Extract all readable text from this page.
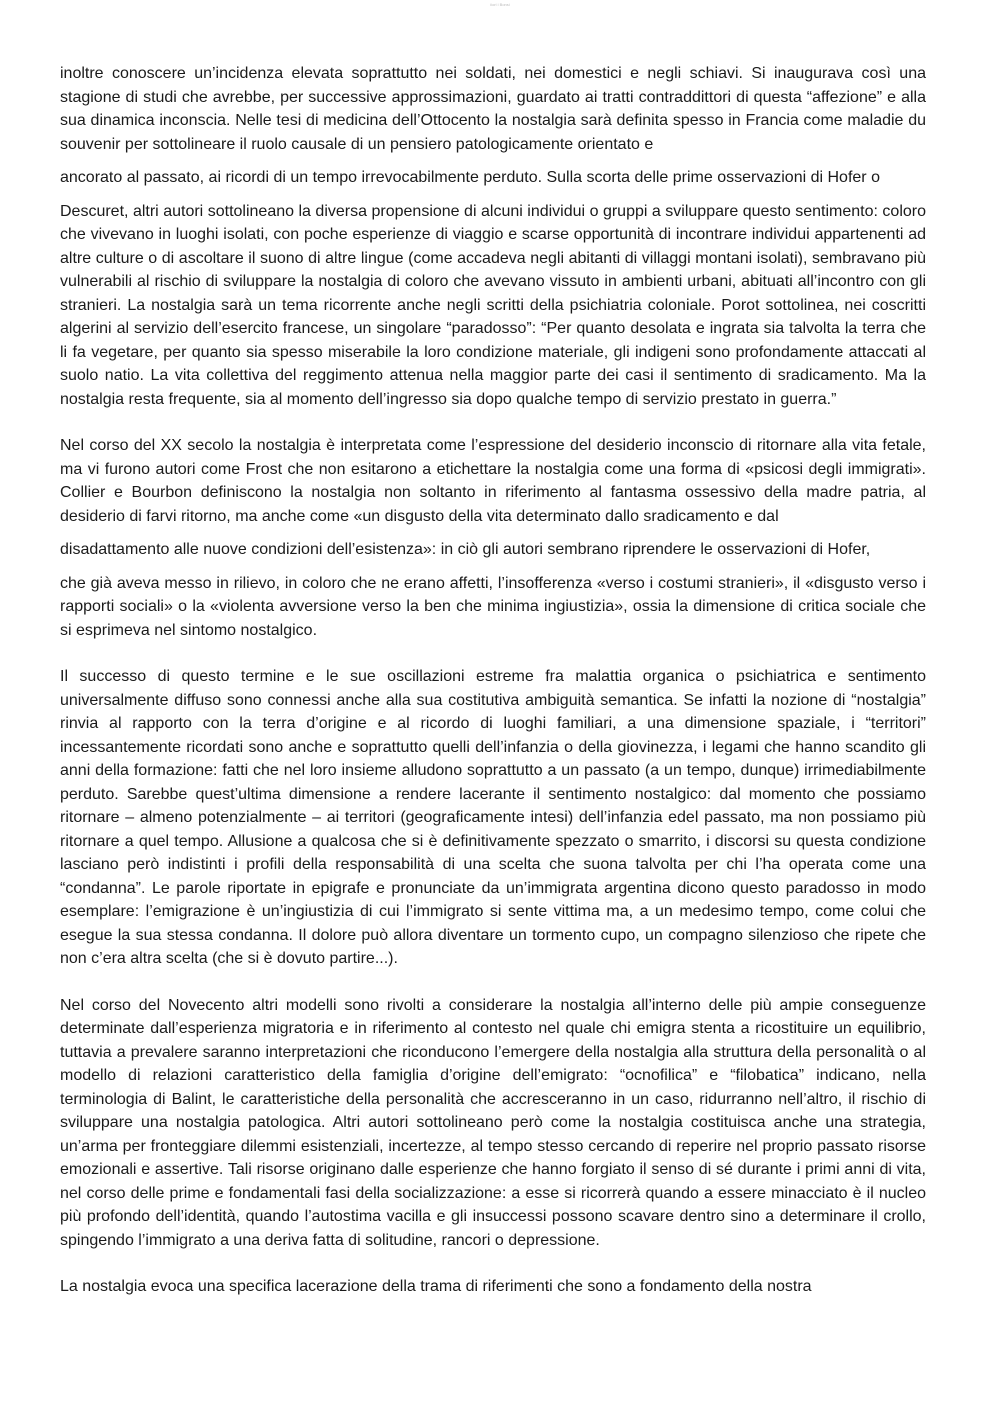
iiori i Bonsi

inoltre conoscere un’incidenza elevata soprattutto nei soldati, nei domestici e negli schiavi. Si inaugurava così una stagione di studi che avrebbe, per successive approssimazioni, guardato ai tratti contraddittori di questa “affezione” e alla sua dinamica inconscia. Nelle tesi di medicina dell’Ottocento la nostalgia sarà definita spesso in Francia come maladie du souvenir per sottolineare il ruolo causale di un pensiero patologicamente orientato e

ancorato al passato, ai ricordi di un tempo irrevocabilmente perduto. Sulla scorta delle prime osservazioni di Hofer o

Descuret, altri autori sottolineano la diversa propensione di alcuni individui o gruppi a sviluppare questo sentimento: coloro che vivevano in luoghi isolati, con poche esperienze di viaggio e scarse opportunità di incontrare individui appartenenti ad altre culture o di ascoltare il suono di altre lingue (come accadeva negli abitanti di villaggi montani isolati), sembravano più vulnerabili al rischio di sviluppare la nostalgia di coloro che avevano vissuto in ambienti urbani, abituati all’incontro con gli stranieri. La nostalgia sarà un tema ricorrente anche negli scritti della psichiatria coloniale. Porot sottolinea, nei coscritti algerini al servizio dell’esercito francese, un singolare “paradosso”: “Per quanto desolata e ingrata sia talvolta la terra che li fa vegetare, per quanto sia spesso miserabile la loro condizione materiale, gli indigeni sono profondamente attaccati al suolo natio. La vita collettiva del reggimento attenua nella maggior parte dei casi il sentimento di sradicamento. Ma la nostalgia resta frequente, sia al momento dell’ingresso sia dopo qualche tempo di servizio prestato in guerra.”

Nel corso del XX secolo la nostalgia è interpretata come l’espressione del desiderio inconscio di ritornare alla vita fetale, ma vi furono autori come Frost che non esitarono a etichettare la nostalgia come una forma di «psicosi degli immigrati». Collier e Bourbon definiscono la nostalgia non soltanto in riferimento al fantasma ossessivo della madre patria, al desiderio di farvi ritorno, ma anche come «un disgusto della vita determinato dallo sradicamento e dal

disadattamento alle nuove condizioni dell’esistenza»: in ciò gli autori sembrano riprendere le osservazioni di Hofer,

che già aveva messo in rilievo, in coloro che ne erano affetti, l’insofferenza «verso i costumi stranieri», il «disgusto verso i rapporti sociali» o la «violenta avversione verso la ben che minima ingiustizia», ossia la dimensione di critica sociale che si esprimeva nel sintomo nostalgico.

Il successo di questo termine e le sue oscillazioni estreme fra malattia organica o psichiatrica e sentimento universalmente diffuso sono connessi anche alla sua costitutiva ambiguità semantica. Se infatti la nozione di “nostalgia” rinvia al rapporto con la terra d’origine e al ricordo di luoghi familiari, a una dimensione spaziale, i “territori” incessantemente ricordati sono anche e soprattutto quelli dell’infanzia o della giovinezza, i legami che hanno scandito gli anni della formazione: fatti che nel loro insieme alludono soprattutto a un passato (a un tempo, dunque) irrimediabilmente perduto. Sarebbe quest’ultima dimensione a rendere lacerante il sentimento nostalgico: dal momento che possiamo ritornare – almeno potenzialmente – ai territori (geograficamente intesi) dell’infanzia edel passato, ma non possiamo più ritornare a quel tempo. Allusione a qualcosa che si è definitivamente spezzato o smarrito, i discorsi su questa condizione lasciano però indistinti i profili della responsabilità di una scelta che suona talvolta per chi l’ha operata come una “condanna”. Le parole riportate in epigrafe e pronunciate da un’immigrata argentina dicono questo paradosso in modo esemplare: l’emigrazione è un’ingiustizia di cui l’immigrato si sente vittima ma, a un medesimo tempo, come colui che esegue la sua stessa condanna. Il dolore può allora diventare un tormento cupo, un compagno silenzioso che ripete che non c’era altra scelta (che si è dovuto partire...).

Nel corso del Novecento altri modelli sono rivolti a considerare la nostalgia all’interno delle più ampie conseguenze determinate dall’esperienza migratoria e in riferimento al contesto nel quale chi emigra stenta a ricostituire un equilibrio, tuttavia a prevalere saranno interpretazioni che riconducono l’emergere della nostalgia alla struttura della personalità o al modello di relazioni caratteristico della famiglia d’origine dell’emigrato: “ocnofilica” e “filobatica” indicano, nella terminologia di Balint, le caratteristiche della personalità che accresceranno in un caso, ridurranno nell’altro, il rischio di sviluppare una nostalgia patologica. Altri autori sottolineano però come la nostalgia costituisca anche una strategia, un’arma per fronteggiare dilemmi esistenziali, incertezze, al tempo stesso cercando di reperire nel proprio passato risorse emozionali e assertive. Tali risorse originano dalle esperienze che hanno forgiato il senso di sé durante i primi anni di vita, nel corso delle prime e fondamentali fasi della socializzazione: a esse si ricorrerà quando a essere minacciato è il nucleo più profondo dell’identità, quando l’autostima vacilla e gli insuccessi possono scavare dentro sino a determinare il crollo, spingendo l’immigrato a una deriva fatta di solitudine, rancori o depressione.

La nostalgia evoca una specifica lacerazione della trama di riferimenti che sono a fondamento della nostra
